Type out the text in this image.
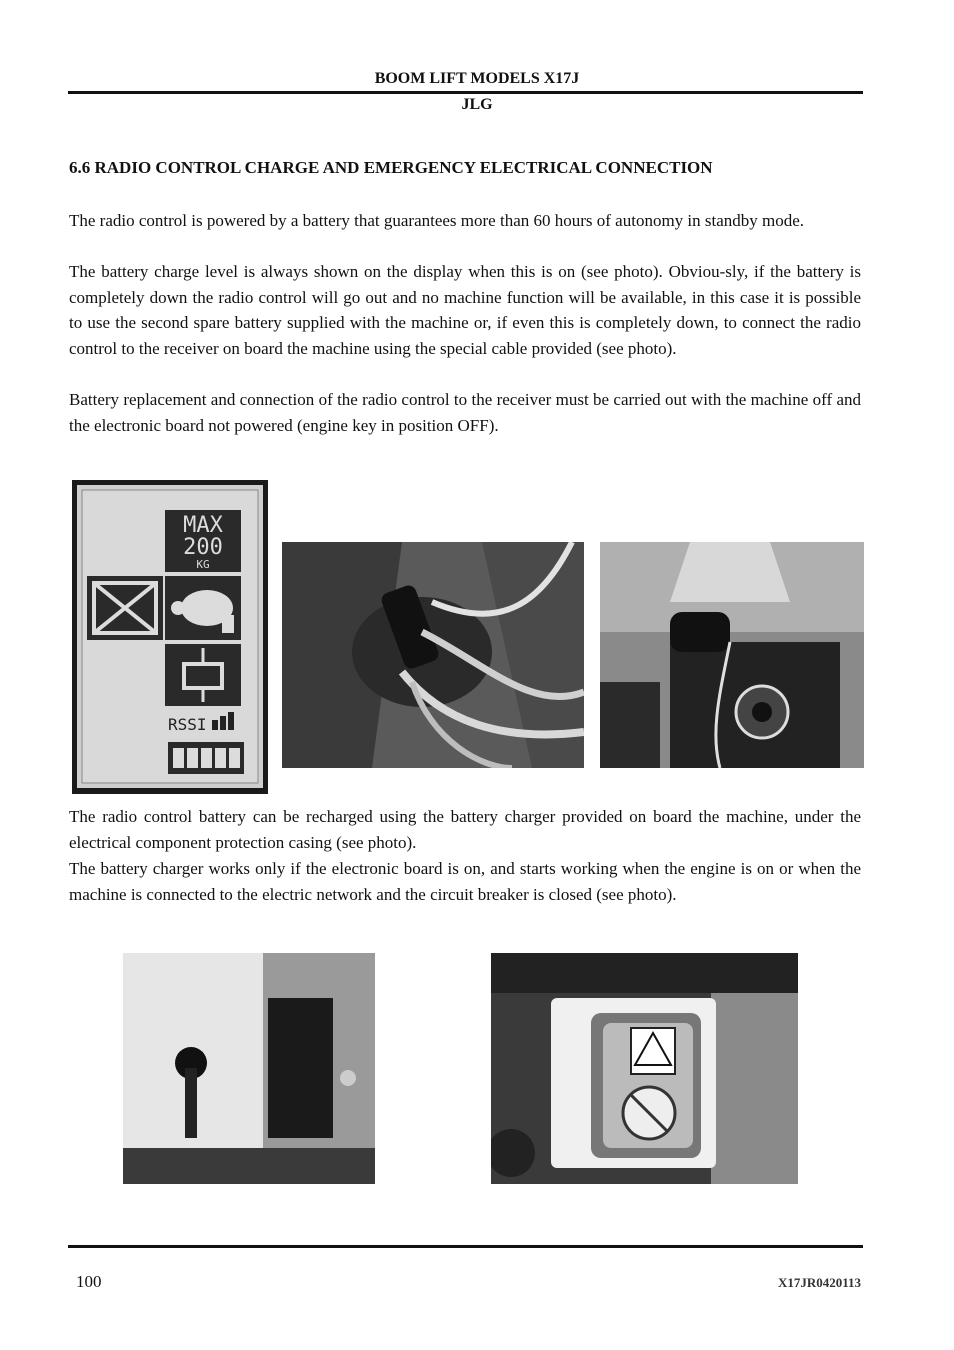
BOOM LIFT MODELS X17J
JLG
6.6 RADIO CONTROL CHARGE AND EMERGENCY ELECTRICAL CONNECTION

The radio control is powered by a battery that guarantees more than 60 hours of autonomy in standby mode.

The battery charge level is always shown on the display when this is on (see photo). Obviou-sly, if the battery is completely down the radio control will go out and no machine function will be available, in this case it is possible to use the second spare battery supplied with the machine or, if even this is completely down, to connect the radio control to the receiver on board the machine using the special cable provided (see photo).

Battery replacement and connection of the radio control to the receiver must be carried out with the machine off and the electronic board not powered (engine key in position OFF).

MAX
200
KG
RSSI

The radio control battery can be recharged using the battery charger provided on board the machine, under the electrical component protection casing (see photo).

The battery charger works only if the electronic board is on, and starts working when the engine is on or when the machine is connected to the electric network and the circuit breaker is closed (see photo).

100	X17JR0420113
